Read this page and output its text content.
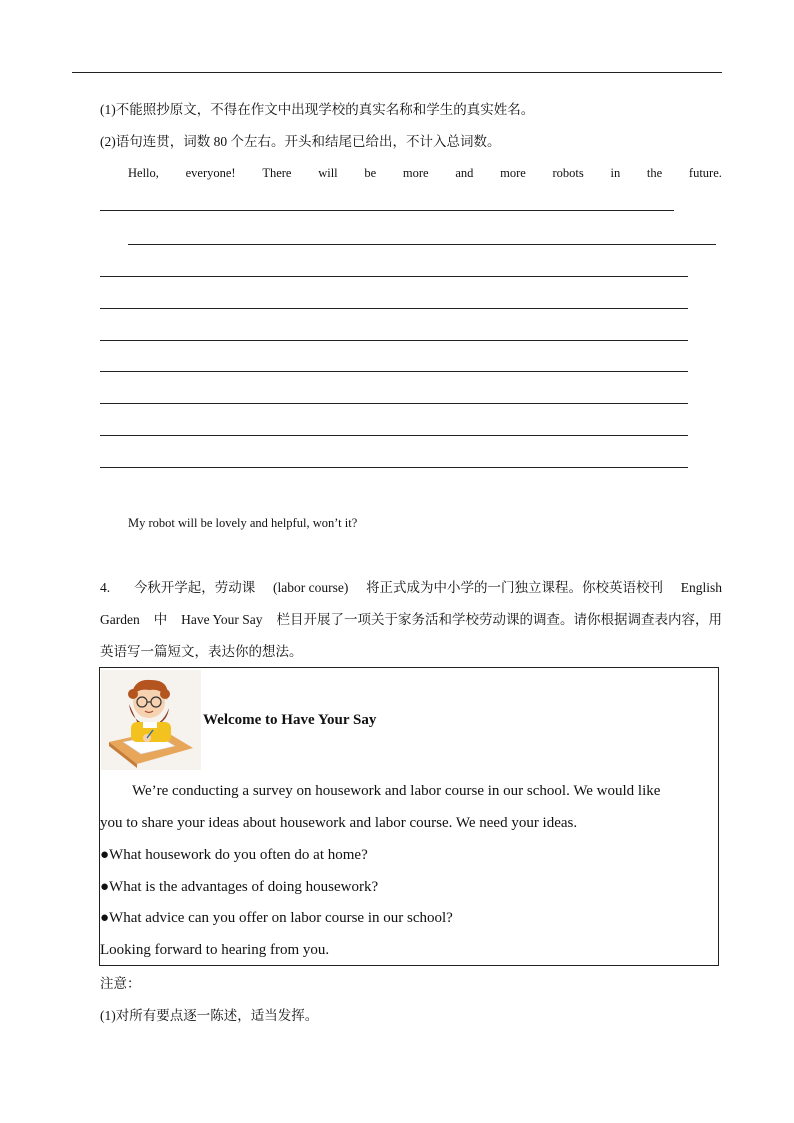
(1)不能照抄原文，不得在作文中出现学校的真实名称和学生的真实姓名。
(2)语句连贯，词数 80 个左右。开头和结尾已给出，不计入总词数。
Hello, everyone! There will be more and more robots in the future.
My robot will be lovely and helpful, won’t it?
4. 今秋开学起，劳动课 (labor course) 将正式成为中小学的一门独立课程。你校英语校刊 English
Garden 中 Have Your Say 栏目开展了一项关于家务活和学校劳动课的调查。请你根据调查表内容，用
英语写一篇短文，表达你的想法。
Welcome to Have Your Say
We’re conducting a survey on housework and labor course in our school. We would like
you to share your ideas about housework and labor course. We need your ideas.
●What housework do you often do at home?
●What is the advantages of doing housework?
●What advice can you offer on labor course in our school?
Looking forward to hearing from you.
注意：
(1)对所有要点逐一陈述，适当发挥。
